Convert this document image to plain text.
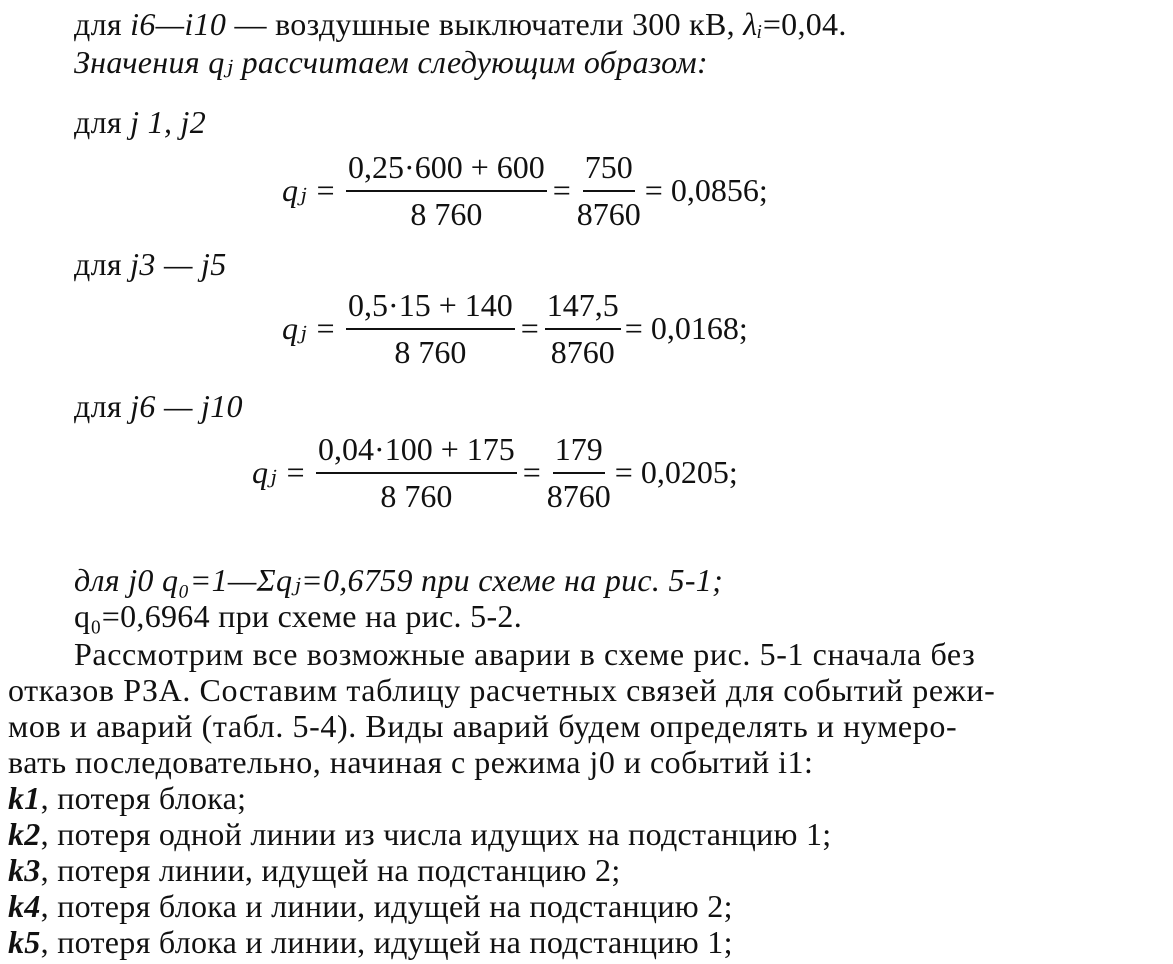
для i6—i10 — воздушные выключатели 300 кВ, λᵢ=0,04.
Значения qⱼ рассчитаем следующим образом:
для j 1, j2
qⱼ = $\frac{0,25\cdot 600 + 600}{8 760} = \frac{750}{8760} = 0,0856$;
для j3 — j5
qⱼ = $\frac{0,5\cdot 15 + 140}{8 760} = \frac{147,5}{8760} = 0,0168$;
для j6 — j10
qⱼ = $\frac{0,04\cdot 100 + 175}{8 760} = \frac{179}{8760} = 0,0205$;
для j0 q₀=1—Σqⱼ=0,6759 при схеме на рис. 5-1;
q₀=0,6964 при схеме на рис. 5-2.
Рассмотрим все возможные аварии в схеме рис. 5-1 сначала без
отказов РЗА. Составим таблицу расчетных связей для событий режи-
мов и аварий (табл. 5-4). Виды аварий будем определять и нумеро-
вать последовательно, начиная с режима j0 и событий i1:
k1, потеря блока;
k2, потеря одной линии из числа идущих на подстанцию 1;
k3, потеря линии, идущей на подстанцию 2;
k4, потеря блока и линии, идущей на подстанцию 2;
k5, потеря блока и линии, идущей на подстанцию 1;
